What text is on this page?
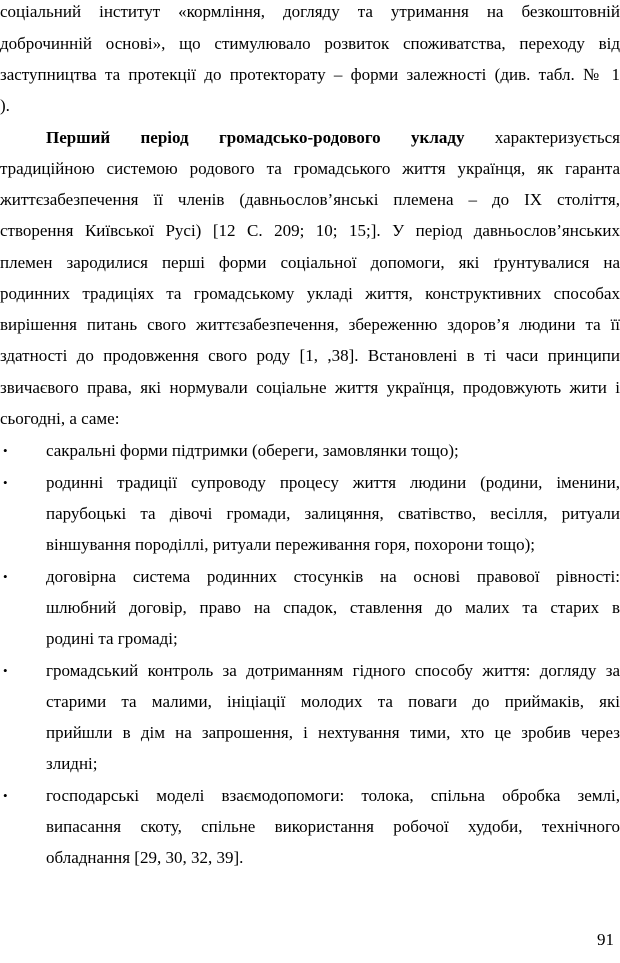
соціальний інститут «кормління, догляду та утримання на безкоштовній
доброчинній основі», що стимулювало розвиток споживатства, переходу від
заступництва та протекції до протекторату – форми залежності (див. табл. № 1
).
Перший період громадсько-родового укладу характеризується
традиційною системою родового та громадського життя українця, як гаранта
життєзабезпечення її членів (давньослов’янські племена – до IX століття,
створення Київської Русі) [12 С. 209; 10; 15;]. У період давньослов’янських
племен зародилися перші форми соціальної допомоги, які ґрунтувалися на
родинних традиціях та громадському укладі життя, конструктивних способах
вирішення питань свого життєзабезпечення, збереженню здоров’я людини та її
здатності до продовження свого роду [1, ,38]. Встановлені в ті часи принципи
звичаєвого права, які нормували соціальне життя українця, продовжують жити і
сьогодні, а саме:
•	сакральні форми підтримки (обереги, замовлянки тощо);
•	родинні традиції супроводу процесу життя людини (родини, іменини,
парубоцькі та дівочі громади, залицяння, сватівство, весілля, ритуали
віншування породіллі, ритуали переживання горя, похорони тощо);
•	договірна система родинних стосунків на основі правової рівності:
шлюбний договір, право на спадок, ставлення до малих та старих в
родині та громаді;
•	громадський контроль за дотриманням гідного способу життя: догляду за
старими та малими, ініціації молодих та поваги до приймаків, які
прийшли в дім на запрошення, і нехтування тими, хто це зробив через
злидні;
•	господарські моделі взаємодопомоги: толока, спільна обробка землі,
випасання скоту, спільне використання робочої худоби, технічного
обладнання [29, 30, 32, 39].
91
